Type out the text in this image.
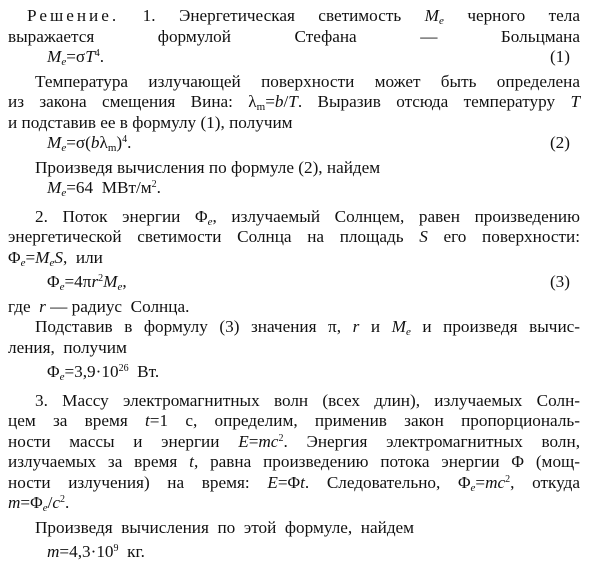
Решение. 1. Энергетическая светимость $M_e$ черного тела
выражается формулой Стефана — Больцмана
$M_e=\sigma T^4$.	(1)
Температура излучающей поверхности может быть определена
из закона смещения Вина: $\lambda_m=b/T$. Выразив отсюда температуру T
и подставив ее в формулу (1), получим
$M_e=\sigma(b\lambda_m)^4$.	(2)
Произведя вычисления по формуле (2), найдем
$M_e=64$  МВт/$м^2$.
2. Поток энергии $\Phi_e$, излучаемый Солнцем, равен произведению
энергетической светимости Солнца на площадь S его поверхности:
$\Phi_e=M_eS$,  или
$\Phi_e=4\pi r^2M_e$,	(3)
где  r — радиус  Солнца.
Подставив в формулу (3) значения π, r и $M_e$ и произведя вычис-
ления,  получим
$\Phi_e=3,9\cdot 10^{26}$  Вт.
3. Массу электромагнитных волн (всех длин), излучаемых Солн-
цем за время t=1 с, определим, применив закон пропорциональ-
ности массы и энергии $E=mc^2$. Энергия электромагнитных волн,
излучаемых за время t, равна произведению потока энергии Φ (мощ-
ности излучения) на время: E=Φt. Следовательно, $\Phi_e=mc^2$, откуда
$m=\Phi_e/c^2$.
Произведя  вычисления  по  этой  формуле,  найдем
$m=4,3\cdot 10^9$  кг.
